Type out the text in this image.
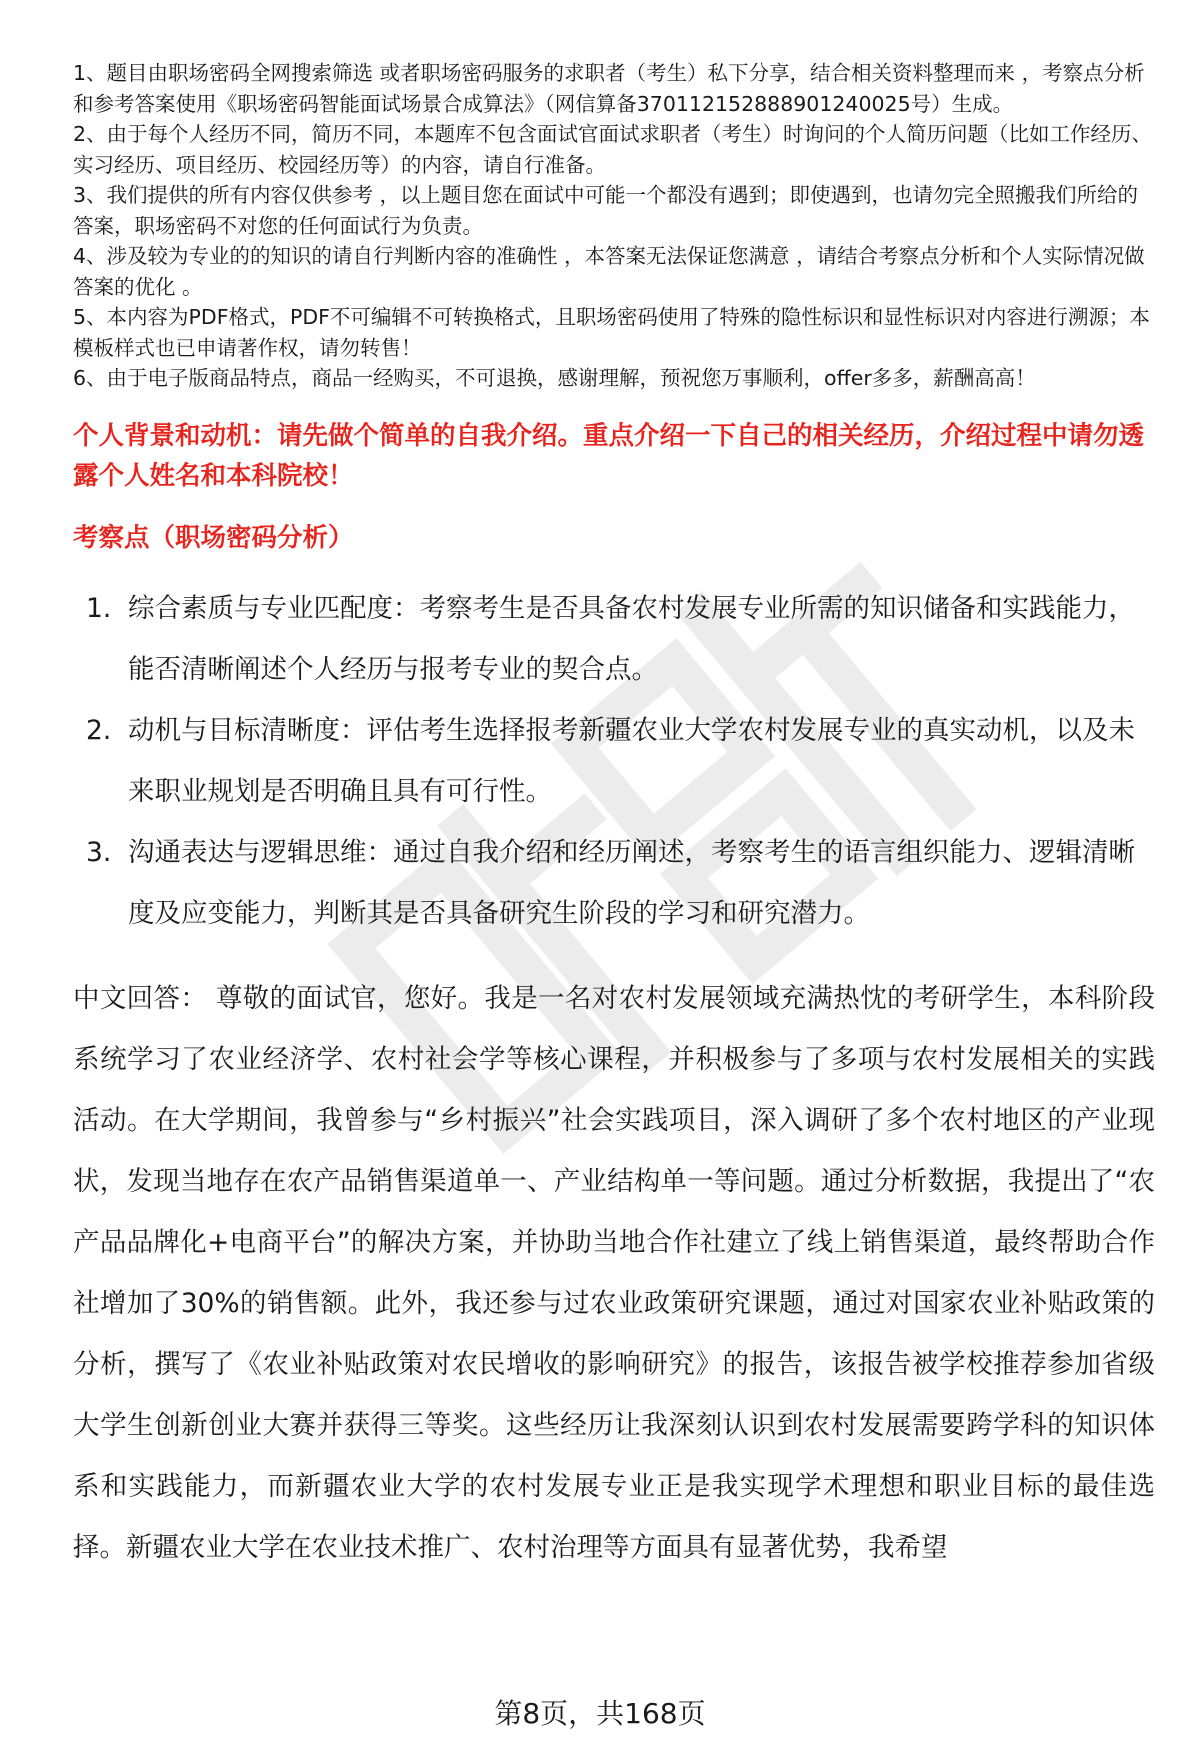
1、题目由职场密码全网搜索筛选 或者职场密码服务的求职者（考生）私下分享，结合相关资料整理而来 ，考察点分析和参考答案使用《职场密码智能面试场景合成算法》（网信算备370112152888901240025号）生成。

2、由于每个人经历不同，简历不同，本题库不包含面试官面试求职者（考生）时询问的个人简历问题（比如工作经历、实习经历、项目经历、校园经历等）的内容，请自行准备。

3、我们提供的所有内容仅供参考 ，以上题目您在面试中可能一个都没有遇到；即使遇到，也请勿完全照搬我们所给的答案，职场密码不对您的任何面试行为负责。

4、涉及较为专业的的知识的请自行判断内容的准确性 ，本答案无法保证您满意 ，请结合考察点分析和个人实际情况做答案的优化 。

5、本内容为PDF格式，PDF不可编辑不可转换格式，且职场密码使用了特殊的隐性标识和显性标识对内容进行溯源；本模板样式也已申请著作权，请勿转售！

6、由于电子版商品特点，商品一经购买，不可退换，感谢理解，预祝您万事顺利，offer多多，薪酬高高！

个人背景和动机：请先做个简单的自我介绍。重点介绍一下自己的相关经历，介绍过程中请勿透露个人姓名和本科院校！
考察点（职场密码分析）
1. 综合素质与专业匹配度：考察考生是否具备农村发展专业所需的知识储备和实践能力，能否清晰阐述个人经历与报考专业的契合点。
2. 动机与目标清晰度：评估考生选择报考新疆农业大学农村发展专业的真实动机，以及未来职业规划是否明确且具有可行性。
3. 沟通表达与逻辑思维：通过自我介绍和经历阐述，考察考生的语言组织能力、逻辑清晰度及应变能力，判断其是否具备研究生阶段的学习和研究潜力。
中文回答： 尊敬的面试官，您好。我是一名对农村发展领域充满热忱的考研学生，本科阶段系统学习了农业经济学、农村社会学等核心课程，并积极参与了多项与农村发展相关的实践活动。在大学期间，我曾参与“乡村振兴”社会实践项目，深入调研了多个农村地区的产业现状，发现当地存在农产品销售渠道单一、产业结构单一等问题。通过分析数据，我提出了“农产品品牌化+电商平台”的解决方案，并协助当地合作社建立了线上销售渠道，最终帮助合作社增加了30%的销售额。此外，我还参与过农业政策研究课题，通过对国家农业补贴政策的分析，撰写了《农业补贴政策对农民增收的影响研究》的报告，该报告被学校推荐参加省级大学生创新创业大赛并获得三等奖。这些经历让我深刻认识到农村发展需要跨学科的知识体系和实践能力，而新疆农业大学的农村发展专业正是我实现学术理想和职业目标的最佳选择。新疆农业大学在农业技术推广、农村治理等方面具有显著优势，我希望
第8页，共168页
